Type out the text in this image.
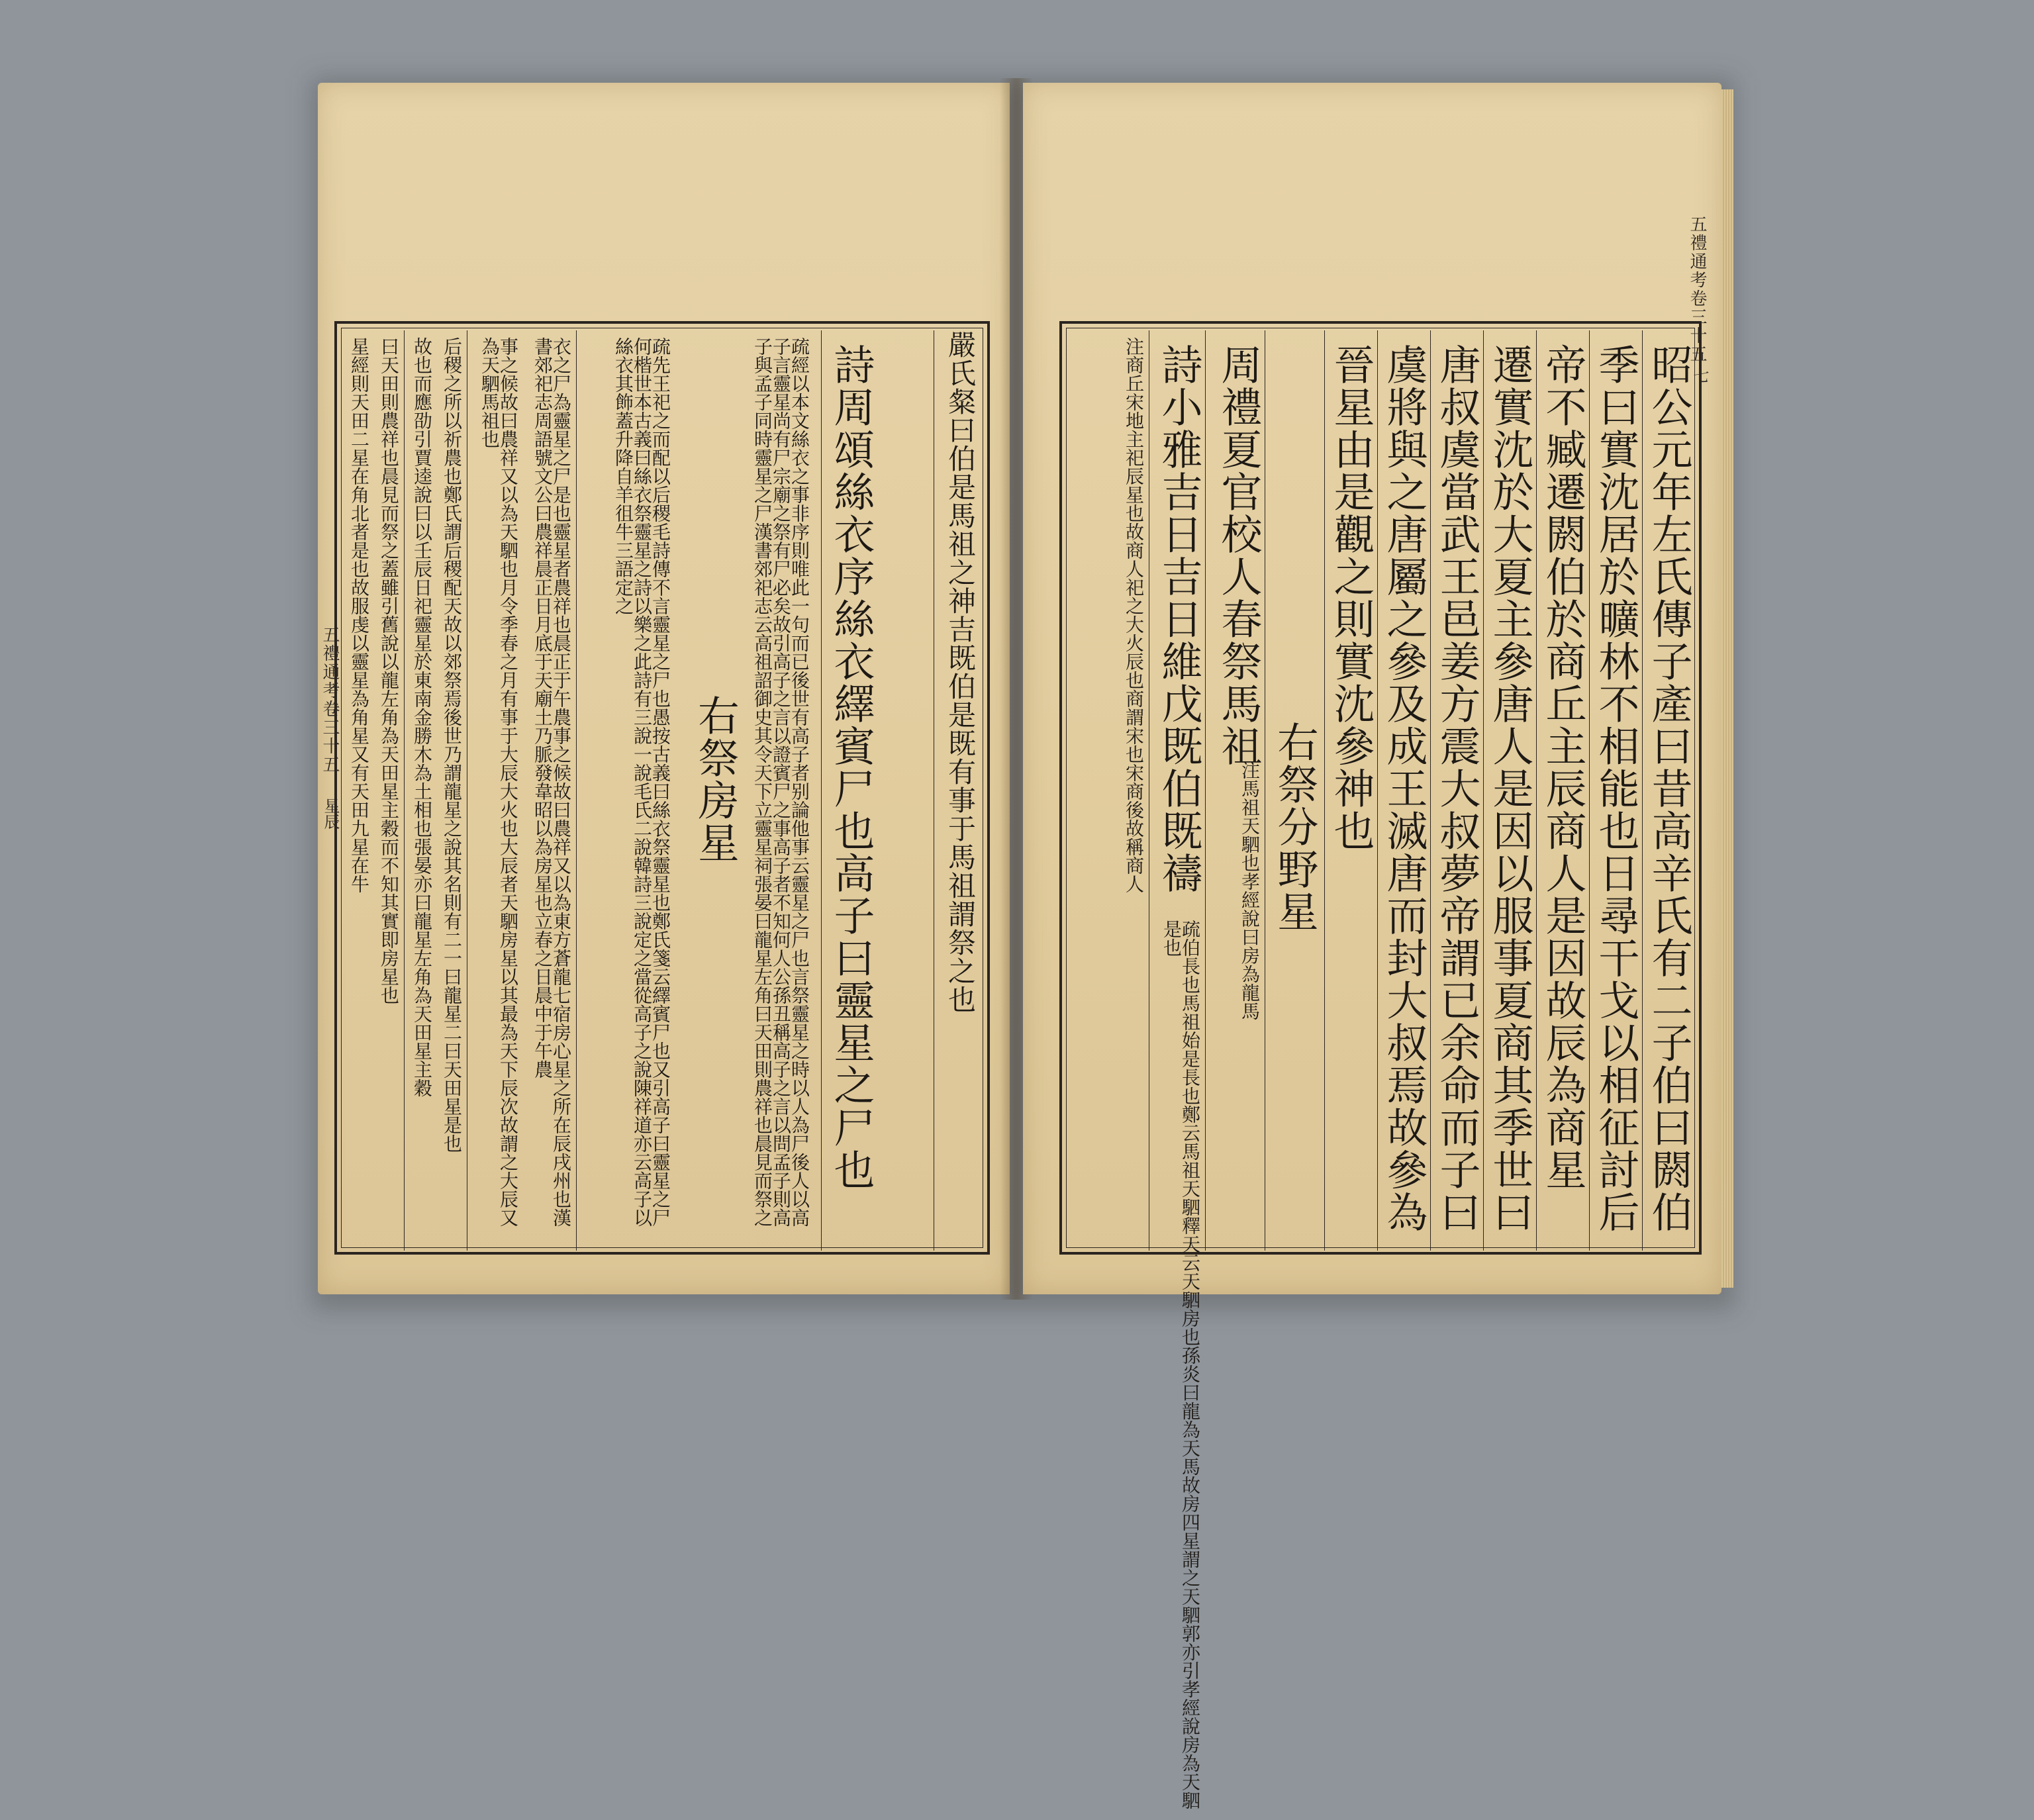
詩周頌絲衣序絲衣繹賓尸也高子曰靈星之尸也
右祭房星	嚴氏粲曰伯是馬祖之神吉既伯是既有事于馬祖謂祭之也
疏經以本文絲衣之事非序則唯此一句而已後世有高子者别論他事云靈星之尸也言祭靈星之時以人為尸後人以高子言靈星尚有尸宗廟之祭有尸必矣故引高子之言以證賓尸之事高子者不知何人公孫丑稱高子之言以問孟子則高子與孟子同時靈星之尸漢書郊祀志云高祖詔御史其令天下立靈星祠張晏曰龍星左角曰天田則農祥也晨見而祭之
疏先王祀之而配以后稷毛詩傳不言靈星之尸也愚按古義曰絲衣祭靈星也鄭氏箋云繹賓尸也又引高子曰靈星之尸何楷世本古義曰絲衣祭靈星之詩以樂之此詩有三說一說毛氏二說韓詩三說定之當從高子之說陳祥道亦云高子以絲衣其飾蓋升降自羊徂牛三語定之
衣之尸為靈星之尸是也靈星者農祥也晨正于午農事之候故曰農祥又以為東方蒼龍七宿房心星之所在辰戌州也漢書郊祀志周語號文公曰農祥晨正日月底于天廟土乃脈發韋昭以為房星也立春之日晨中于午農
事之候故曰農祥又以為天駟也月令季春之月有事于大辰大火也大辰者天駟房星以其最為天下辰次故謂之大辰又為天駟馬祖也
后稷之所以祈農也鄭氏謂后稷配天故以郊祭焉後世乃謂龍星之說其名則有二一曰龍星二曰天田星是也
故也而應劭引賈逵說曰以壬辰日祀靈星於東南金勝木為土相也張晏亦曰龍星左角為天田星主穀
曰天田則農祥也晨見而祭之蓋雖引舊說以龍左角為天田星主穀而不知其實即房星也
星經則天田二星在角北者是也故服虔以靈星為角星又有天田九星在牛
五禮通考卷三十五
星辰	昭公元年左氏傳子產曰昔高辛氏有二子伯曰閼伯
季曰實沈居於曠林不相能也日尋干戈以相征討后
帝不臧遷閼伯於商丘主辰商人是因故辰為商星
遷實沈於大夏主參唐人是因以服事夏商其季世曰
唐叔虞當武王邑姜方震大叔夢帝謂已余命而子曰
虞將與之唐屬之參及成王滅唐而封大叔焉故參為
晉星由是觀之則實沈參神也
右祭分野星
周禮夏官校人春祭馬祖
注馬祖天駟也孝經說曰房為龍馬
詩小雅吉日吉日維戊既伯既禱
疏伯長也馬祖始是長也鄭云馬祖天駟釋天云天駟房也孫炎曰龍為天馬故房四星謂之天駟郭亦引孝經說房為天駟是也
注商丘宋地主祀辰星也故商人祀之大火辰也商謂宋也宋商後故稱商人
五禮通考卷三十五
七
